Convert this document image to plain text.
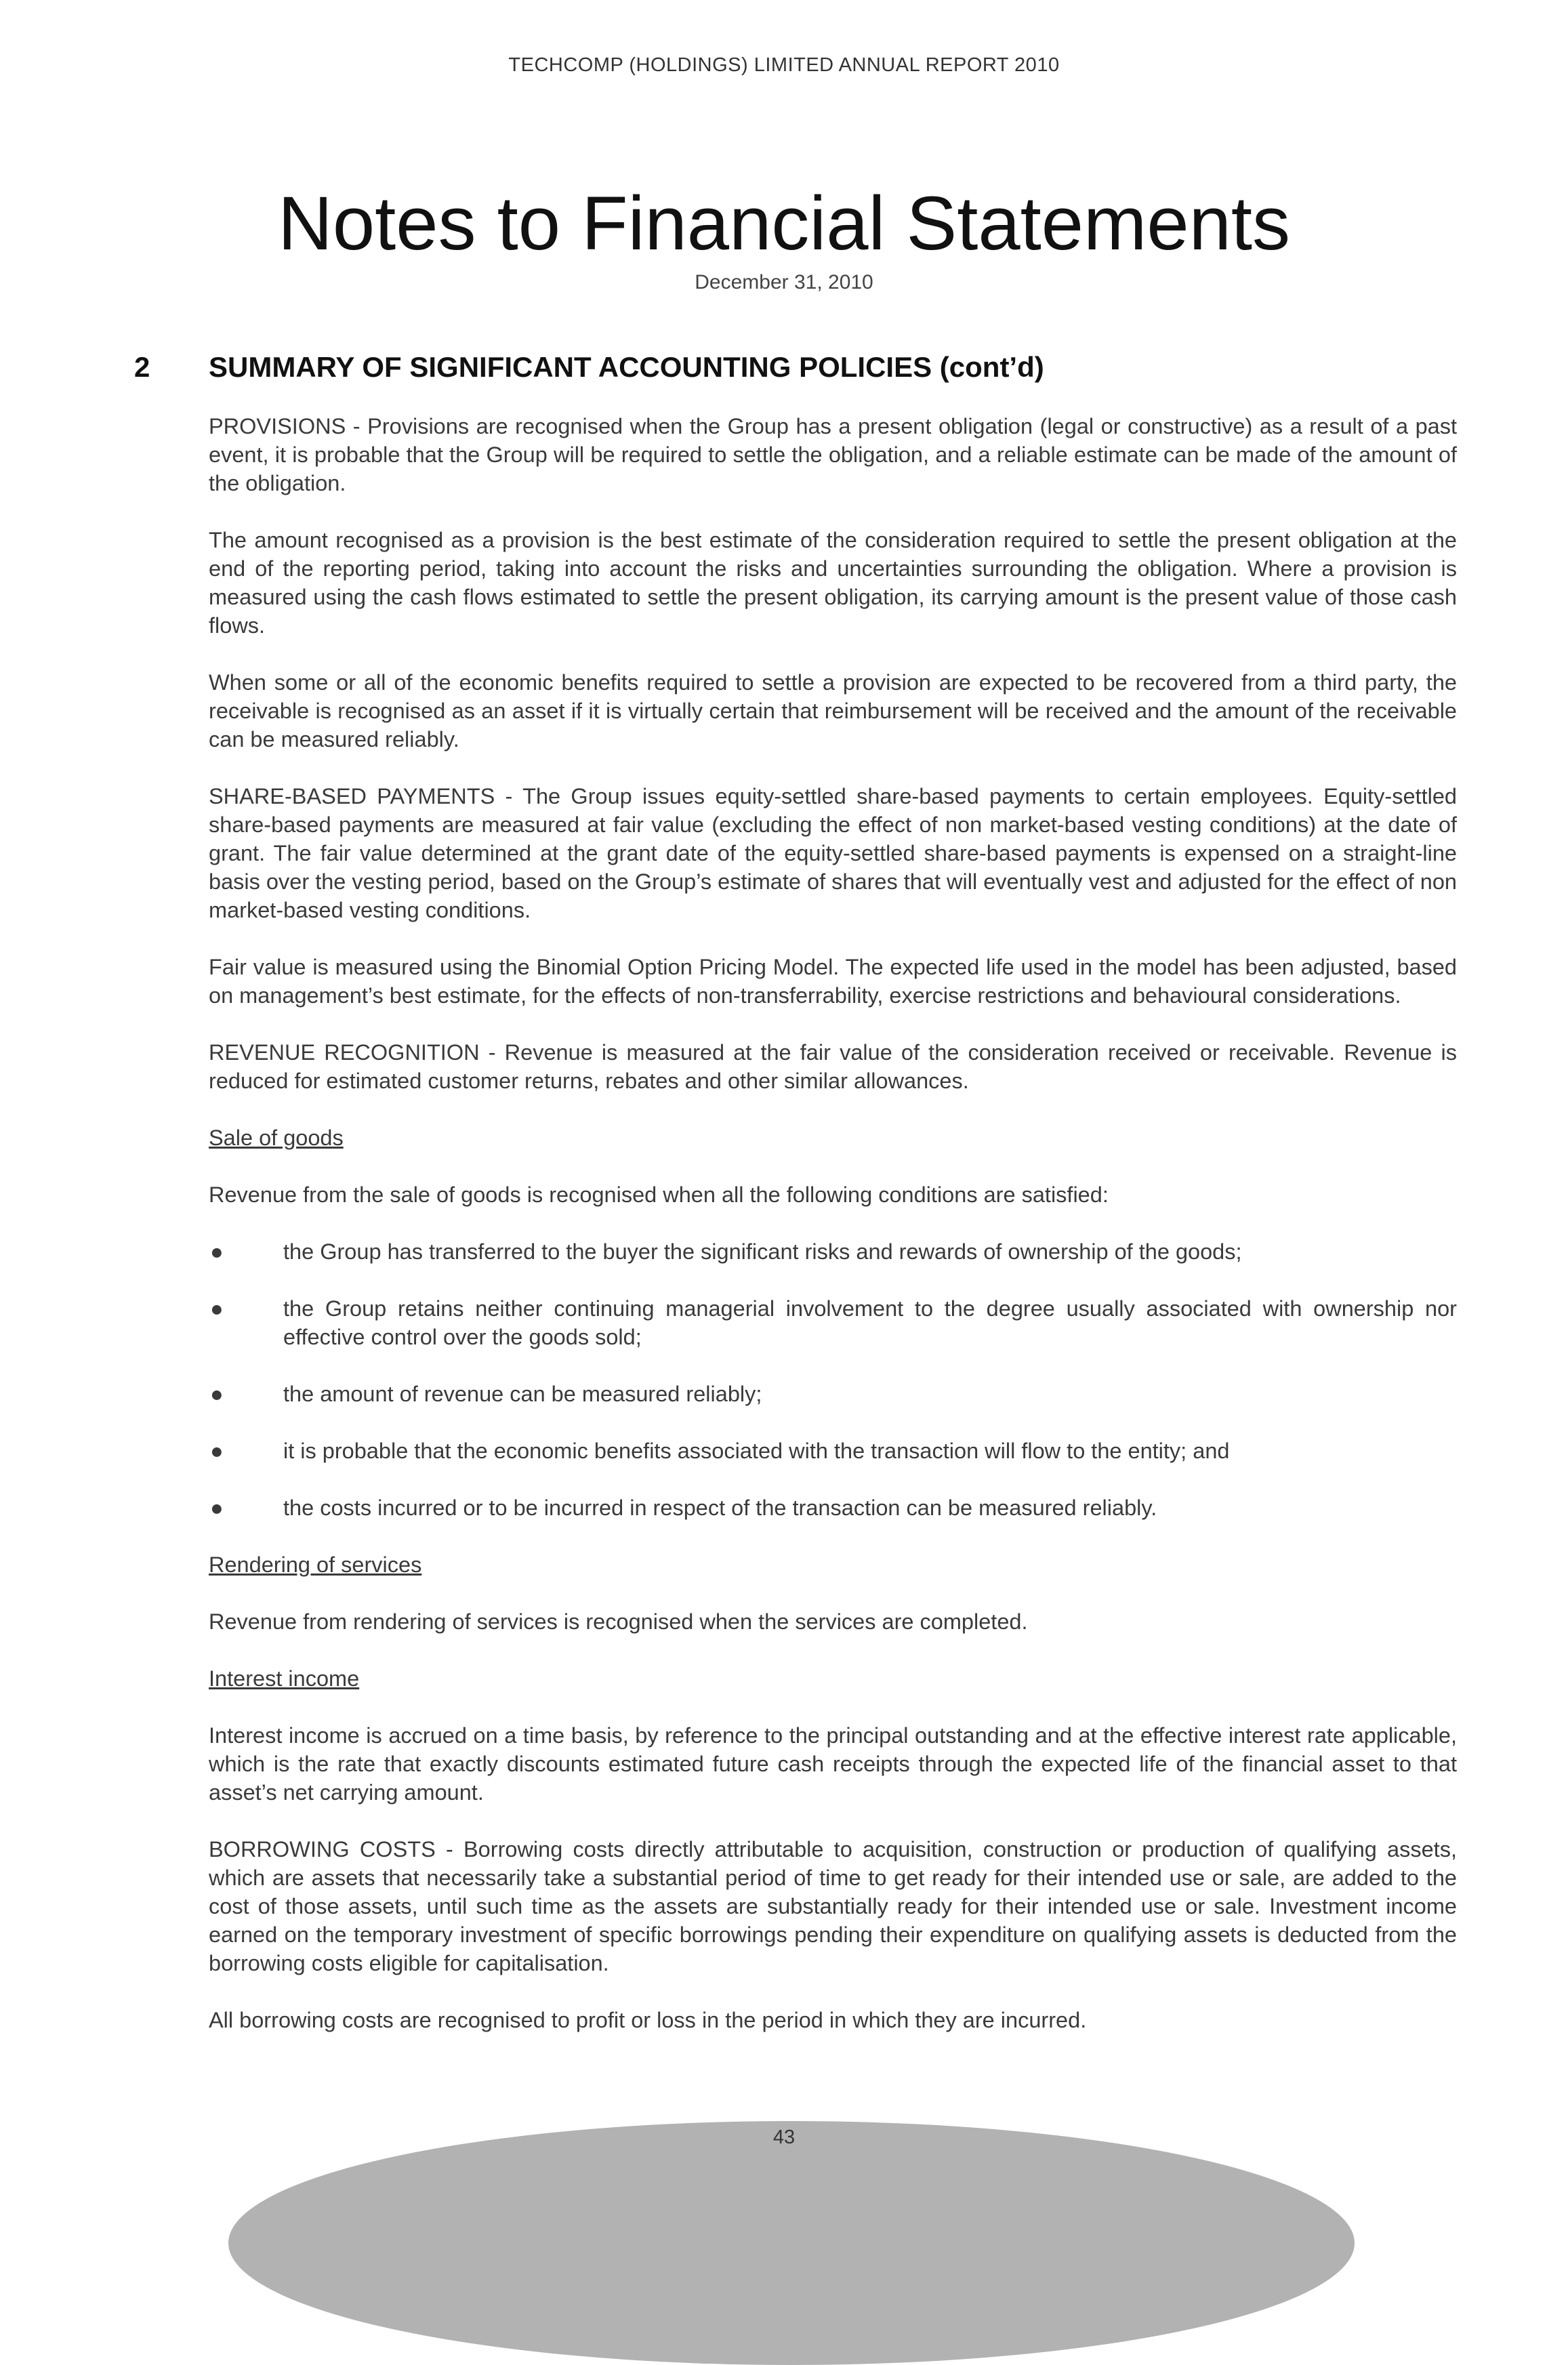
TECHCOMP (HOLDINGS) LIMITED ANNUAL REPORT 2010
Notes to Financial Statements
December 31, 2010
2 SUMMARY OF SIGNIFICANT ACCOUNTING POLICIES (cont’d)

PROVISIONS - Provisions are recognised when the Group has a present obligation (legal or constructive) as a result of a past event, it is probable that the Group will be required to settle the obligation, and a reliable estimate can be made of the amount of the obligation.

The amount recognised as a provision is the best estimate of the consideration required to settle the present obligation at the end of the reporting period, taking into account the risks and uncertainties surrounding the obligation. Where a provision is measured using the cash flows estimated to settle the present obligation, its carrying amount is the present value of those cash flows.

When some or all of the economic benefits required to settle a provision are expected to be recovered from a third party, the receivable is recognised as an asset if it is virtually certain that reimbursement will be received and the amount of the receivable can be measured reliably.

SHARE-BASED PAYMENTS - The Group issues equity-settled share-based payments to certain employees. Equity-settled share-based payments are measured at fair value (excluding the effect of non market-based vesting conditions) at the date of grant. The fair value determined at the grant date of the equity-settled share-based payments is expensed on a straight-line basis over the vesting period, based on the Group’s estimate of shares that will eventually vest and adjusted for the effect of non market-based vesting conditions.

Fair value is measured using the Binomial Option Pricing Model. The expected life used in the model has been adjusted, based on management’s best estimate, for the effects of non-transferrability, exercise restrictions and behavioural considerations.

REVENUE RECOGNITION - Revenue is measured at the fair value of the consideration received or receivable. Revenue is reduced for estimated customer returns, rebates and other similar allowances.

Sale of goods

Revenue from the sale of goods is recognised when all the following conditions are satisfied:

●	the Group has transferred to the buyer the significant risks and rewards of ownership of the goods;
●	the Group retains neither continuing managerial involvement to the degree usually associated with ownership nor effective control over the goods sold;
●	the amount of revenue can be measured reliably;
●	it is probable that the economic benefits associated with the transaction will flow to the entity; and
●	the costs incurred or to be incurred in respect of the transaction can be measured reliably.

Rendering of services

Revenue from rendering of services is recognised when the services are completed.

Interest income

Interest income is accrued on a time basis, by reference to the principal outstanding and at the effective interest rate applicable, which is the rate that exactly discounts estimated future cash receipts through the expected life of the financial asset to that asset’s net carrying amount.

BORROWING COSTS - Borrowing costs directly attributable to acquisition, construction or production of qualifying assets, which are assets that necessarily take a substantial period of time to get ready for their intended use or sale, are added to the cost of those assets, until such time as the assets are substantially ready for their intended use or sale. Investment income earned on the temporary investment of specific borrowings pending their expenditure on qualifying assets is deducted from the borrowing costs eligible for capitalisation.

All borrowing costs are recognised to profit or loss in the period in which they are incurred.

43
